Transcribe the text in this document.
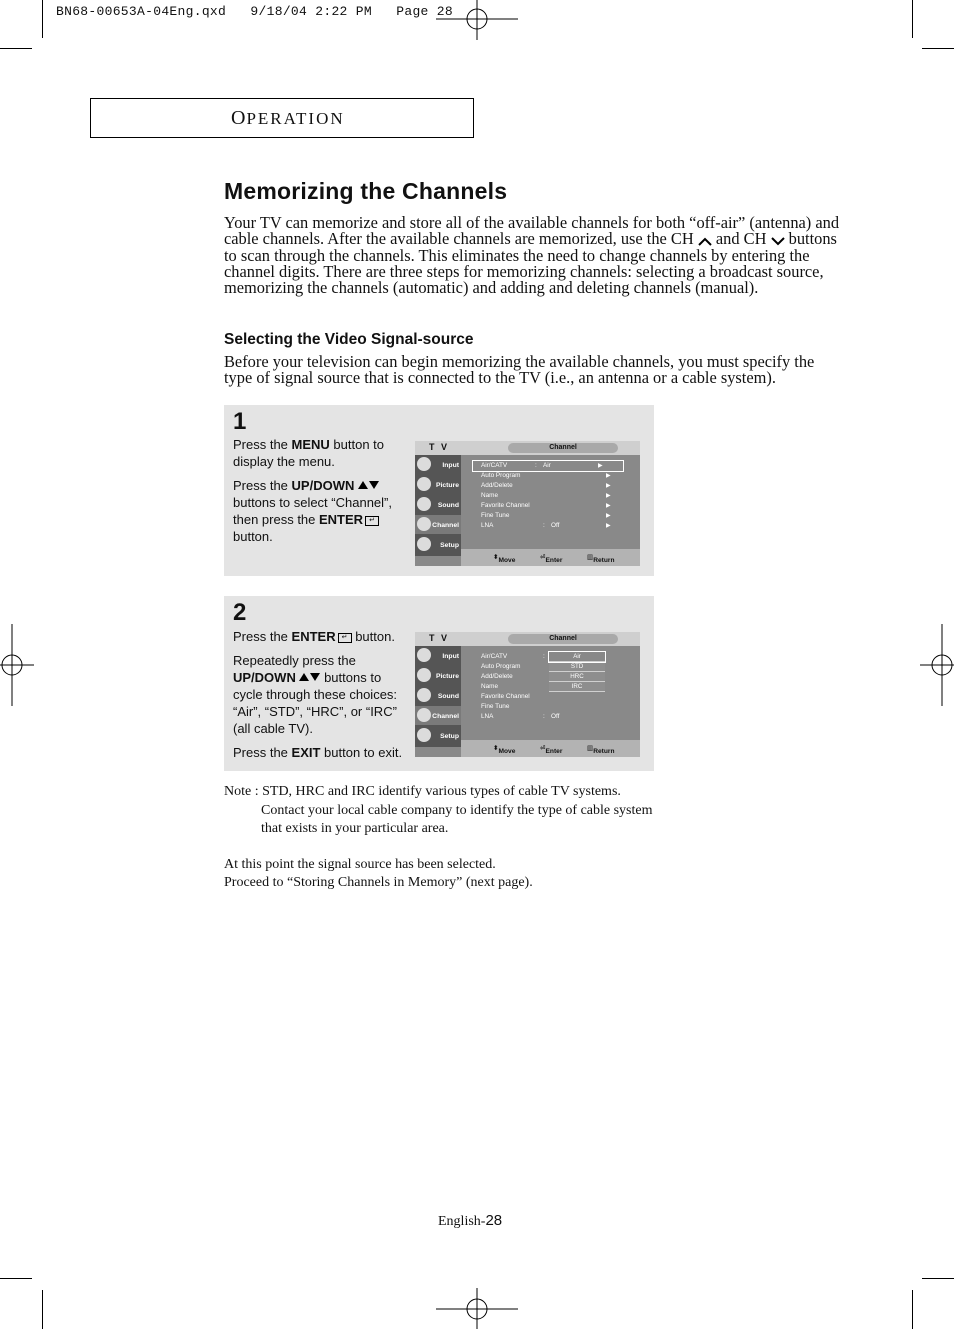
BN68-00653A-04Eng.qxd   9/18/04 2:22 PM   Page 28
OPERATION
Memorizing the Channels

Your TV can memorize and store all of the available channels for both “off-air” (antenna) and cable channels. After the available channels are memorized, use the CH and CH buttons to scan through the channels. This eliminates the need to change channels by entering the channel digits. There are three steps for memorizing channels: selecting a broadcast source, memorizing the channels (automatic) and adding and deleting channels (manual).

Selecting the Video Signal-source

Before your television can begin memorizing the available channels, you must specify the type of signal source that is connected to the TV (i.e., an antenna or a cable system).

1

Press the MENU button to display the menu.

Press the UP/DOWN  buttons to select “Channel”, then press the ENTER ↵ button.

T V	Channel
Input
Picture
Sound
Channel
Setup
Air/CATV	: Air	▶
Auto Program	▶
Add/Delete	▶
Name	▶
Favorite Channel	▶
Fine Tune	▶
LNA	: Off	▶
⬍ Move	⏎ Enter	▥ Return
2

Press the ENTER ↵ button.

Repeatedly press the UP/DOWN  buttons to cycle through these choices: “Air”, “STD”, “HRC”, or “IRC” (all cable TV).

Press the EXIT button to exit.

T V	Channel
Input
Picture
Sound
Channel
Setup
Air/CATV	:
Auto Program
Add/Delete
Name
Favorite Channel
Fine Tune
LNA	: Off
Air
STD
HRC
IRC
⬍ Move	⏎ Enter	▥ Return

Note : STD, HRC and IRC identify various types of cable TV systems.

Contact your local cable company to identify the type of cable system

that exists in your particular area.

At this point the signal source has been selected.

Proceed to “Storing Channels in Memory” (next page).

English-28
